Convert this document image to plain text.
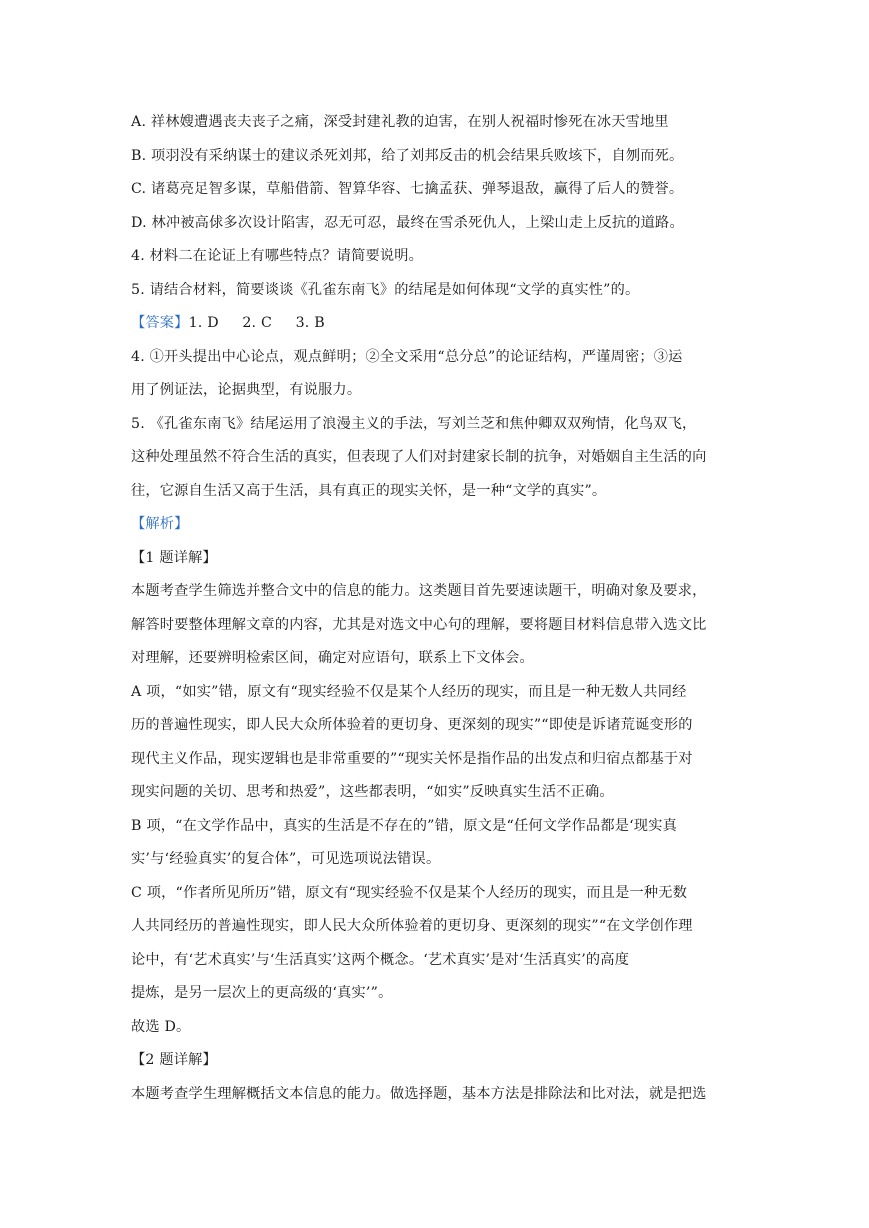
A. 祥林嫂遭遇丧夫丧子之痛，深受封建礼教的迫害，在别人祝福时惨死在冰天雪地里
B. 项羽没有采纳谋士的建议杀死刘邦，给了刘邦反击的机会结果兵败垓下，自刎而死。
C. 诸葛亮足智多谋，草船借箭、智算华容、七擒孟获、弹琴退敌，赢得了后人的赞誉。
D. 林冲被高俅多次设计陷害，忍无可忍，最终在雪杀死仇人，上梁山走上反抗的道路。
4. 材料二在论证上有哪些特点？请简要说明。
5. 请结合材料，简要谈谈《孔雀东南飞》的结尾是如何体现“文学的真实性”的。
【答案】1. D     2. C     3. B
4. ①开头提出中心论点，观点鲜明；②全文采用“总分总”的论证结构，严谨周密；③运
用了例证法，论据典型，有说服力。
5. 《孔雀东南飞》结尾运用了浪漫主义的手法，写刘兰芝和焦仲卿双双殉情，化鸟双飞，
这种处理虽然不符合生活的真实，但表现了人们对封建家长制的抗争，对婚姻自主生活的向
往，它源自生活又高于生活，具有真正的现实关怀，是一种“文学的真实”。
【解析】
【1 题详解】
本题考查学生筛选并整合文中的信息的能力。这类题目首先要速读题干，明确对象及要求，
解答时要整体理解文章的内容，尤其是对选文中心句的理解，要将题目材料信息带入选文比
对理解，还要辨明检索区间，确定对应语句，联系上下文体会。
A 项，“如实”错，原文有“现实经验不仅是某个人经历的现实，而且是一种无数人共同经
历的普遍性现实，即人民大众所体验着的更切身、更深刻的现实”“即使是诉诸荒诞变形的
现代主义作品，现实逻辑也是非常重要的”“现实关怀是指作品的出发点和归宿点都基于对
现实问题的关切、思考和热爱”，这些都表明，“如实”反映真实生活不正确。
B 项，“在文学作品中，真实的生活是不存在的”错，原文是“任何文学作品都是‘现实真
实’与‘经验真实’的复合体”，可见选项说法错误。
C 项，“作者所见所历”错，原文有“现实经验不仅是某个人经历的现实，而且是一种无数
人共同经历的普遍性现实，即人民大众所体验着的更切身、更深刻的现实”“在文学创作理
论中，有‘艺术真实’与‘生活真实’这两个概念。‘艺术真实’是对‘生活真实’的高度
提炼，是另一层次上的更高级的‘真实’”。
故选 D。
【2 题详解】
本题考查学生理解概括文本信息的能力。做选择题，基本方法是排除法和比对法，就是把选
